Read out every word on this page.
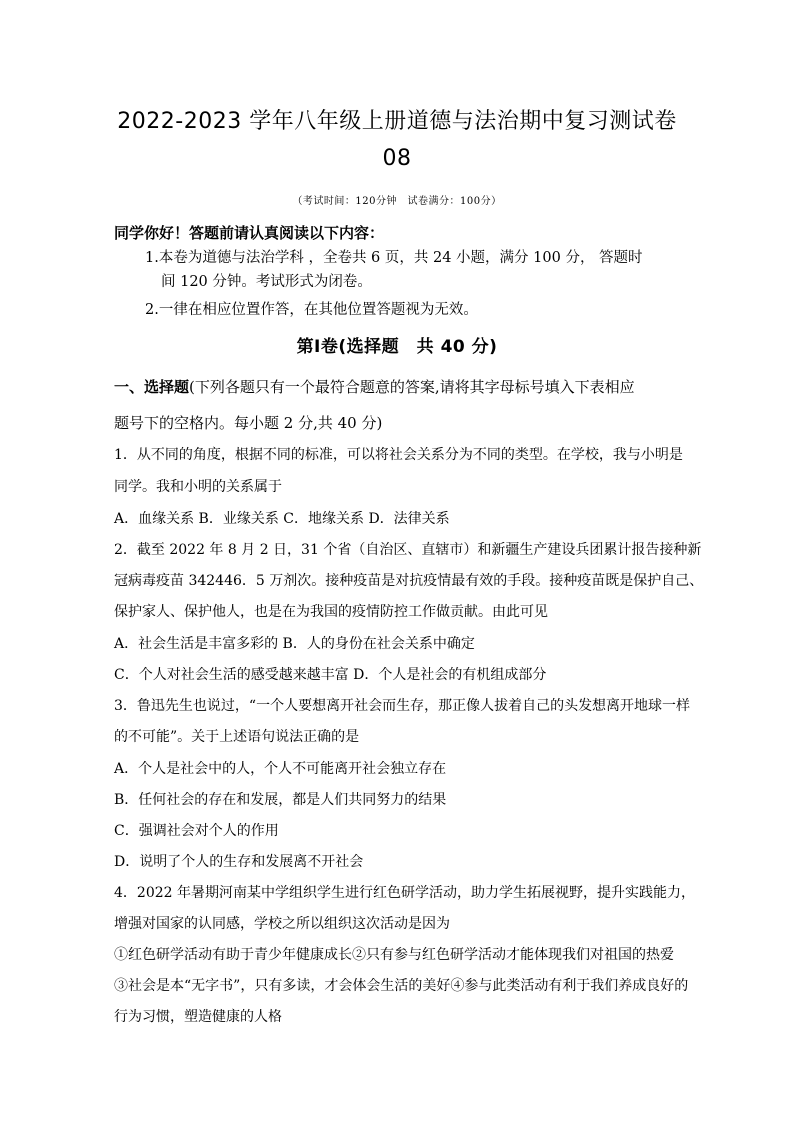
2022-2023 学年八年级上册道德与法治期中复习测试卷
08
（考试时间：120分钟　试卷满分：100分）
同学你好！答题前请认真阅读以下内容：
1.本卷为道德与法治学科 ，全卷共 6 页，共 24 小题，满分 100 分， 答题时
间 120 分钟。考试形式为闭卷。
2.一律在相应位置作答，在其他位置答题视为无效。
第Ⅰ卷(选择题　共 40 分)
一、选择题(下列各题只有一个最符合题意的答案,请将其字母标号填入下表相应
题号下的空格内。每小题 2 分,共 40 分)
1．从不同的角度，根据不同的标准，可以将社会关系分为不同的类型。在学校，我与小明是
同学。我和小明的关系属于
A．血缘关系 B．业缘关系 C．地缘关系 D．法律关系
2．截至 2022 年 8 月 2 日，31 个省（自治区、直辖市）和新疆生产建设兵团累计报告接种新
冠病毒疫苗 342446．5 万剂次。接种疫苗是对抗疫情最有效的手段。接种疫苗既是保护自己、
保护家人、保护他人，也是在为我国的疫情防控工作做贡献。由此可见
A．社会生活是丰富多彩的 B．人的身份在社会关系中确定
C．个人对社会生活的感受越来越丰富 D．个人是社会的有机组成部分
3．鲁迅先生也说过，“一个人要想离开社会而生存，那正像人拔着自己的头发想离开地球一样
的不可能”。关于上述语句说法正确的是
A．个人是社会中的人，个人不可能离开社会独立存在
B．任何社会的存在和发展，都是人们共同努力的结果
C．强调社会对个人的作用
D．说明了个人的生存和发展离不开社会
4．2022 年暑期河南某中学组织学生进行红色研学活动，助力学生拓展视野，提升实践能力，
增强对国家的认同感，学校之所以组织这次活动是因为
①红色研学活动有助于青少年健康成长②只有参与红色研学活动才能体现我们对祖国的热爱
③社会是本“无字书”，只有多读，才会体会生活的美好④参与此类活动有利于我们养成良好的
行为习惯，塑造健康的人格
